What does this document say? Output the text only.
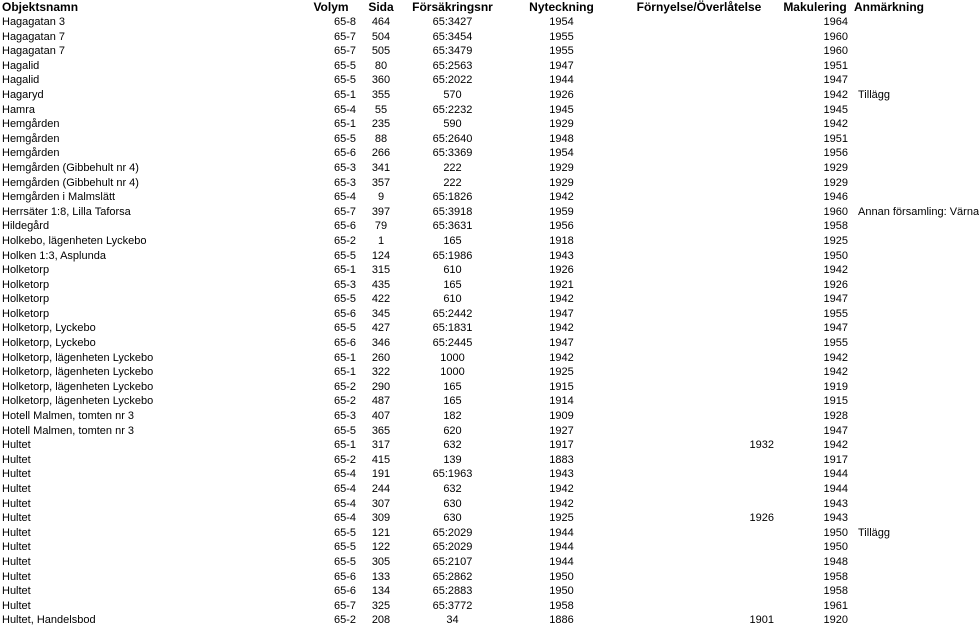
Objektsnamn	Volym	Sida	Försäkringsnr	Nyteckning	Förnyelse/Överlåtelse	Makulering	Anmärkning
Hagagatan 3	65-8	464	65:3427	1954		1964	
Hagagatan 7	65-7	504	65:3454	1955		1960	
Hagagatan 7	65-7	505	65:3479	1955		1960	
Hagalid	65-5	80	65:2563	1947		1951	
Hagalid	65-5	360	65:2022	1944		1947	
Hagaryd	65-1	355	570	1926		1942	Tillägg
Hamra	65-4	55	65:2232	1945		1945	
Hemgården	65-1	235	590	1929		1942	
Hemgården	65-5	88	65:2640	1948		1951	
Hemgården	65-6	266	65:3369	1954		1956	
Hemgården (Gibbehult nr 4)	65-3	341	222	1929		1929	
Hemgården (Gibbehult nr 4)	65-3	357	222	1929		1929	
Hemgården i Malmslätt	65-4	9	65:1826	1942		1946	
Herrsäter 1:8, Lilla Taforsa	65-7	397	65:3918	1959		1960	Annan församling: Värna
Hildegård	65-6	79	65:3631	1956		1958	
Holkebo, lägenheten Lyckebo	65-2	1	165	1918		1925	
Holken 1:3, Asplunda	65-5	124	65:1986	1943		1950	
Holketorp	65-1	315	610	1926		1942	
Holketorp	65-3	435	165	1921		1926	
Holketorp	65-5	422	610	1942		1947	
Holketorp	65-6	345	65:2442	1947		1955	
Holketorp, Lyckebo	65-5	427	65:1831	1942		1947	
Holketorp, Lyckebo	65-6	346	65:2445	1947		1955	
Holketorp, lägenheten Lyckebo	65-1	260	1000	1942		1942	
Holketorp, lägenheten Lyckebo	65-1	322	1000	1925		1942	
Holketorp, lägenheten Lyckebo	65-2	290	165	1915		1919	
Holketorp, lägenheten Lyckebo	65-2	487	165	1914		1915	
Hotell Malmen, tomten nr 3	65-3	407	182	1909		1928	
Hotell Malmen, tomten nr 3	65-5	365	620	1927		1947	
Hultet	65-1	317	632	1917	1932	1942	
Hultet	65-2	415	139	1883		1917	
Hultet	65-4	191	65:1963	1943		1944	
Hultet	65-4	244	632	1942		1944	
Hultet	65-4	307	630	1942		1943	
Hultet	65-4	309	630	1925	1926	1943	
Hultet	65-5	121	65:2029	1944		1950	Tillägg
Hultet	65-5	122	65:2029	1944		1950	
Hultet	65-5	305	65:2107	1944		1948	
Hultet	65-6	133	65:2862	1950		1958	
Hultet	65-6	134	65:2883	1950		1958	
Hultet	65-7	325	65:3772	1958		1961	
Hultet, Handelsbod	65-2	208	34	1886	1901	1920	
